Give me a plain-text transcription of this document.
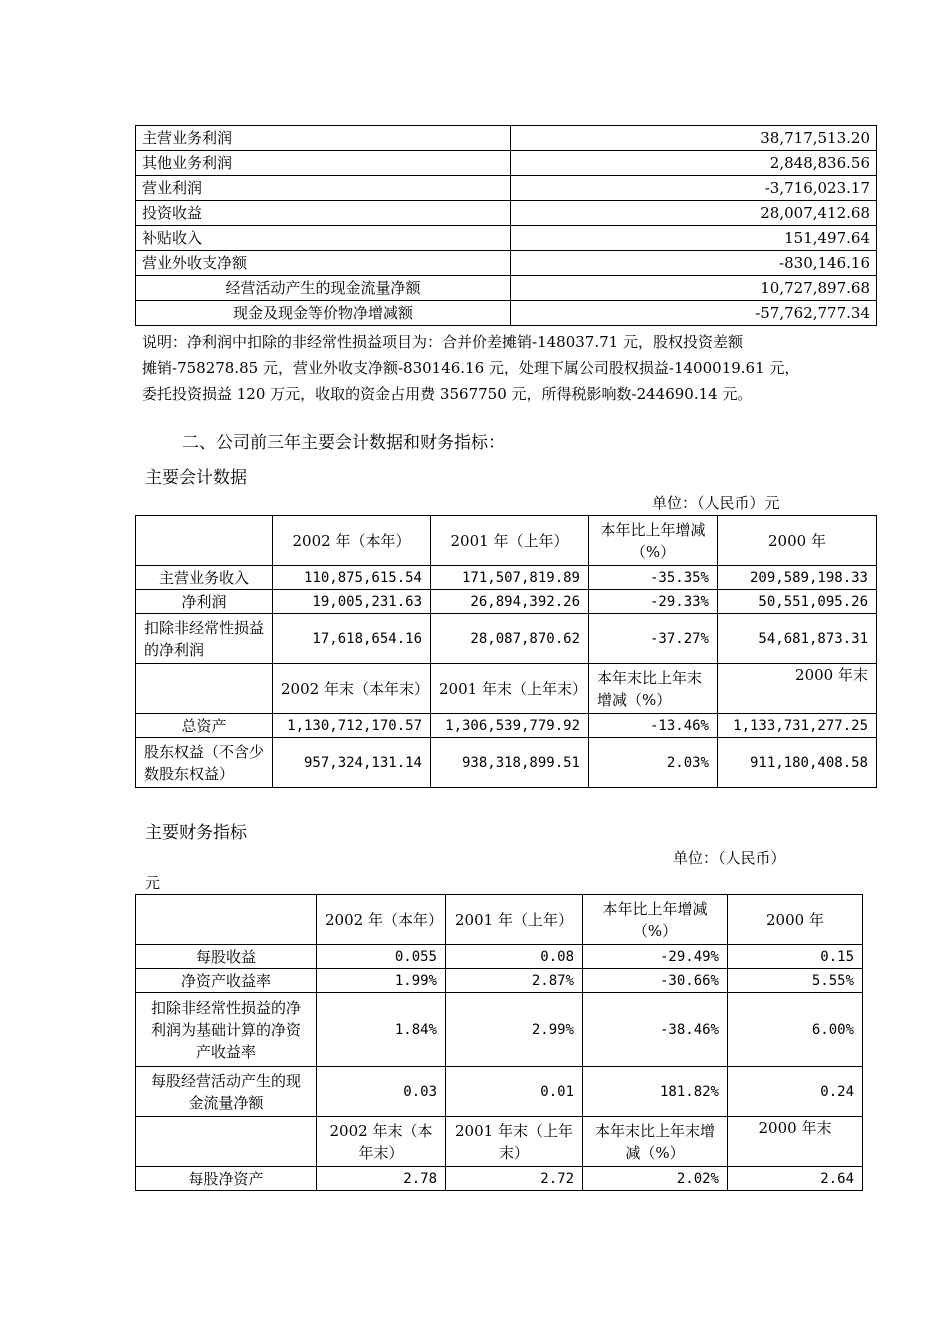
主营业务利润	38,717,513.20
其他业务利润	2,848,836.56
营业利润	-3,716,023.17
投资收益	28,007,412.68
补贴收入	151,497.64
营业外收支净额	-830,146.16
经营活动产生的现金流量净额	10,727,897.68
现金及现金等价物净增减额	-57,762,777.34
说明：净利润中扣除的非经常性损益项目为：合并价差摊销-148037.71 元，股权投资差额
摊销-758278.85 元，营业外收支净额-830146.16 元，处理下属公司股权损益-1400019.61 元，
委托投资损益 120 万元，收取的资金占用费 3567750 元，所得税影响数-244690.14 元。
二、公司前三年主要会计数据和财务指标：
主要会计数据
单位：（人民币）元
	2002 年（本年）	2001 年（上年）	本年比上年增减（%）	2000 年
主营业务收入	110,875,615.54	171,507,819.89	-35.35%	209,589,198.33
净利润	19,005,231.63	26,894,392.26	-29.33%	50,551,095.26
扣除非经常性损益的净利润	17,618,654.16	28,087,870.62	-37.27%	54,681,873.31
	2002 年末（本年末）	2001 年末（上年末）	本年末比上年末增减（%）	2000 年末
总资产	1,130,712,170.57	1,306,539,779.92	-13.46%	1,133,731,277.25
股东权益（不含少数股东权益）	957,324,131.14	938,318,899.51	2.03%	911,180,408.58
主要财务指标
单位：（人民币）
元
	2002 年（本年）	2001 年（上年）	本年比上年增减（%）	2000 年
每股收益	0.055	0.08	-29.49%	0.15
净资产收益率	1.99%	2.87%	-30.66%	5.55%
扣除非经常性损益的净利润为基础计算的净资产收益率	1.84%	2.99%	-38.46%	6.00%
每股经营活动产生的现金流量净额	0.03	0.01	181.82%	0.24
	2002 年末（本年末）	2001 年末（上年末）	本年末比上年末增减（%）	2000 年末
每股净资产	2.78	2.72	2.02%	2.64
